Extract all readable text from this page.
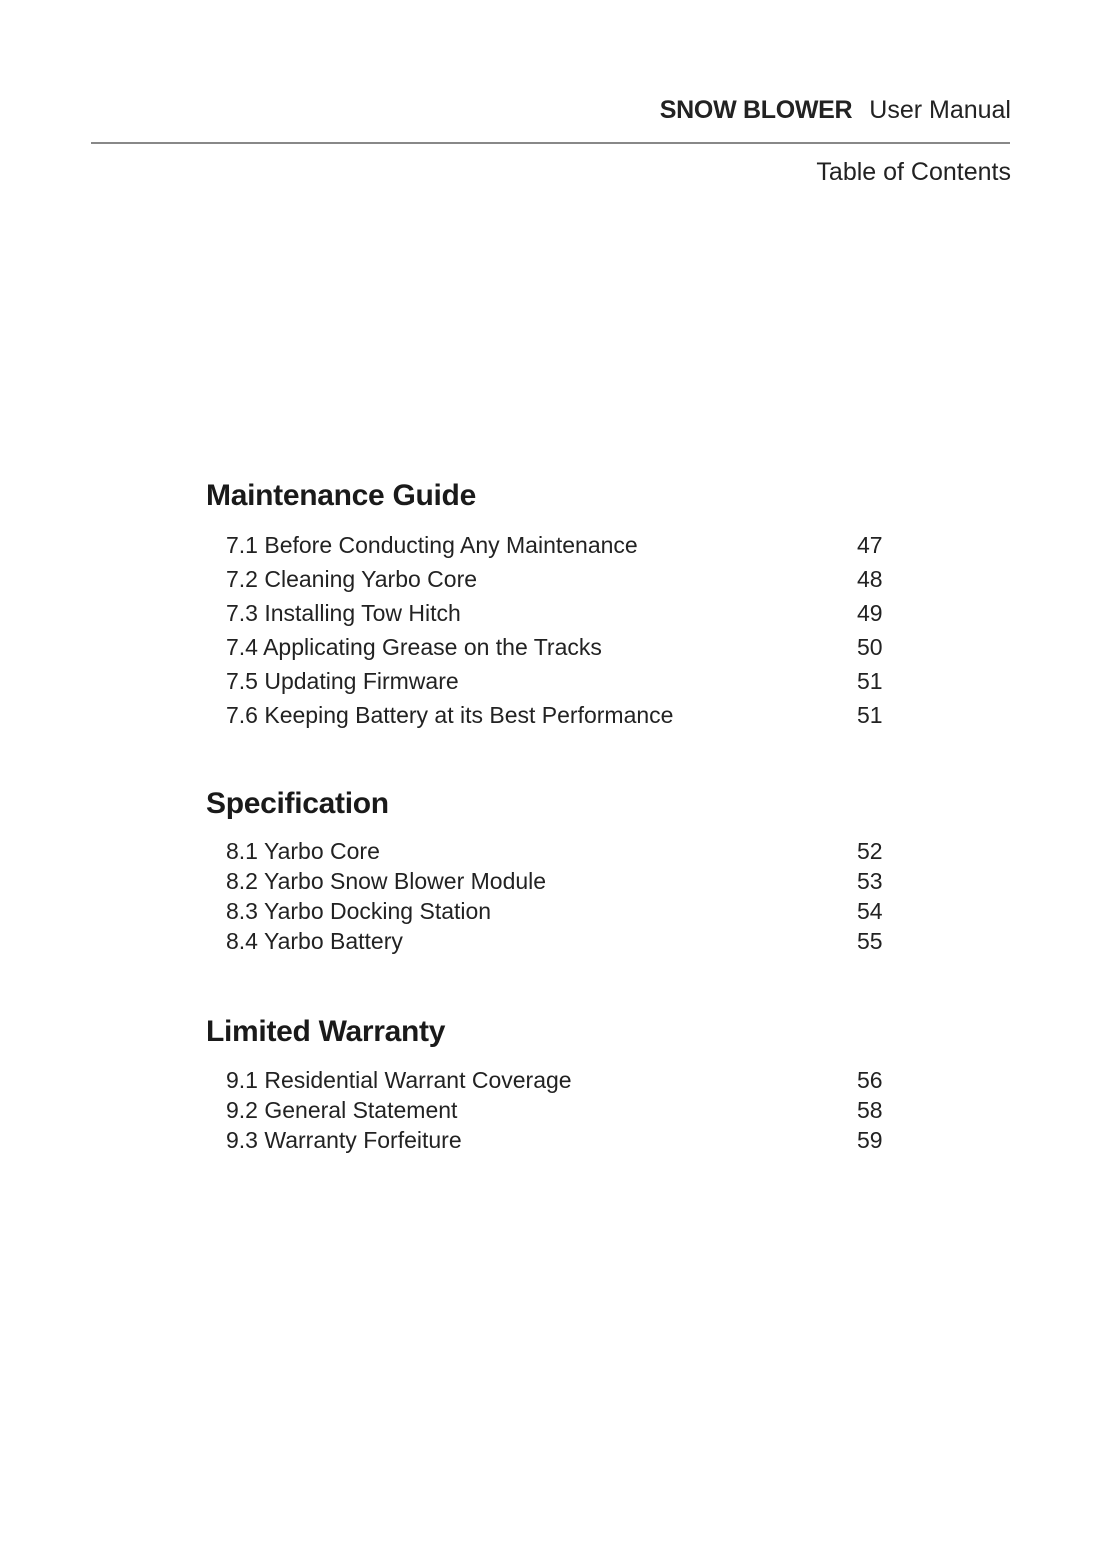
SNOW BLOWER User Manual
Table of Contents
Maintenance Guide
7.1 Before Conducting Any Maintenance	47
7.2 Cleaning Yarbo Core	48
7.3 Installing Tow Hitch	49
7.4 Applicating Grease on the Tracks	50
7.5 Updating Firmware	51
7.6 Keeping Battery at its Best Performance	51
Specification
8.1 Yarbo Core	52
8.2 Yarbo Snow Blower Module	53
8.3 Yarbo Docking Station	54
8.4 Yarbo Battery	55
Limited Warranty
9.1 Residential Warrant Coverage	56
9.2 General Statement	58
9.3 Warranty Forfeiture	59
